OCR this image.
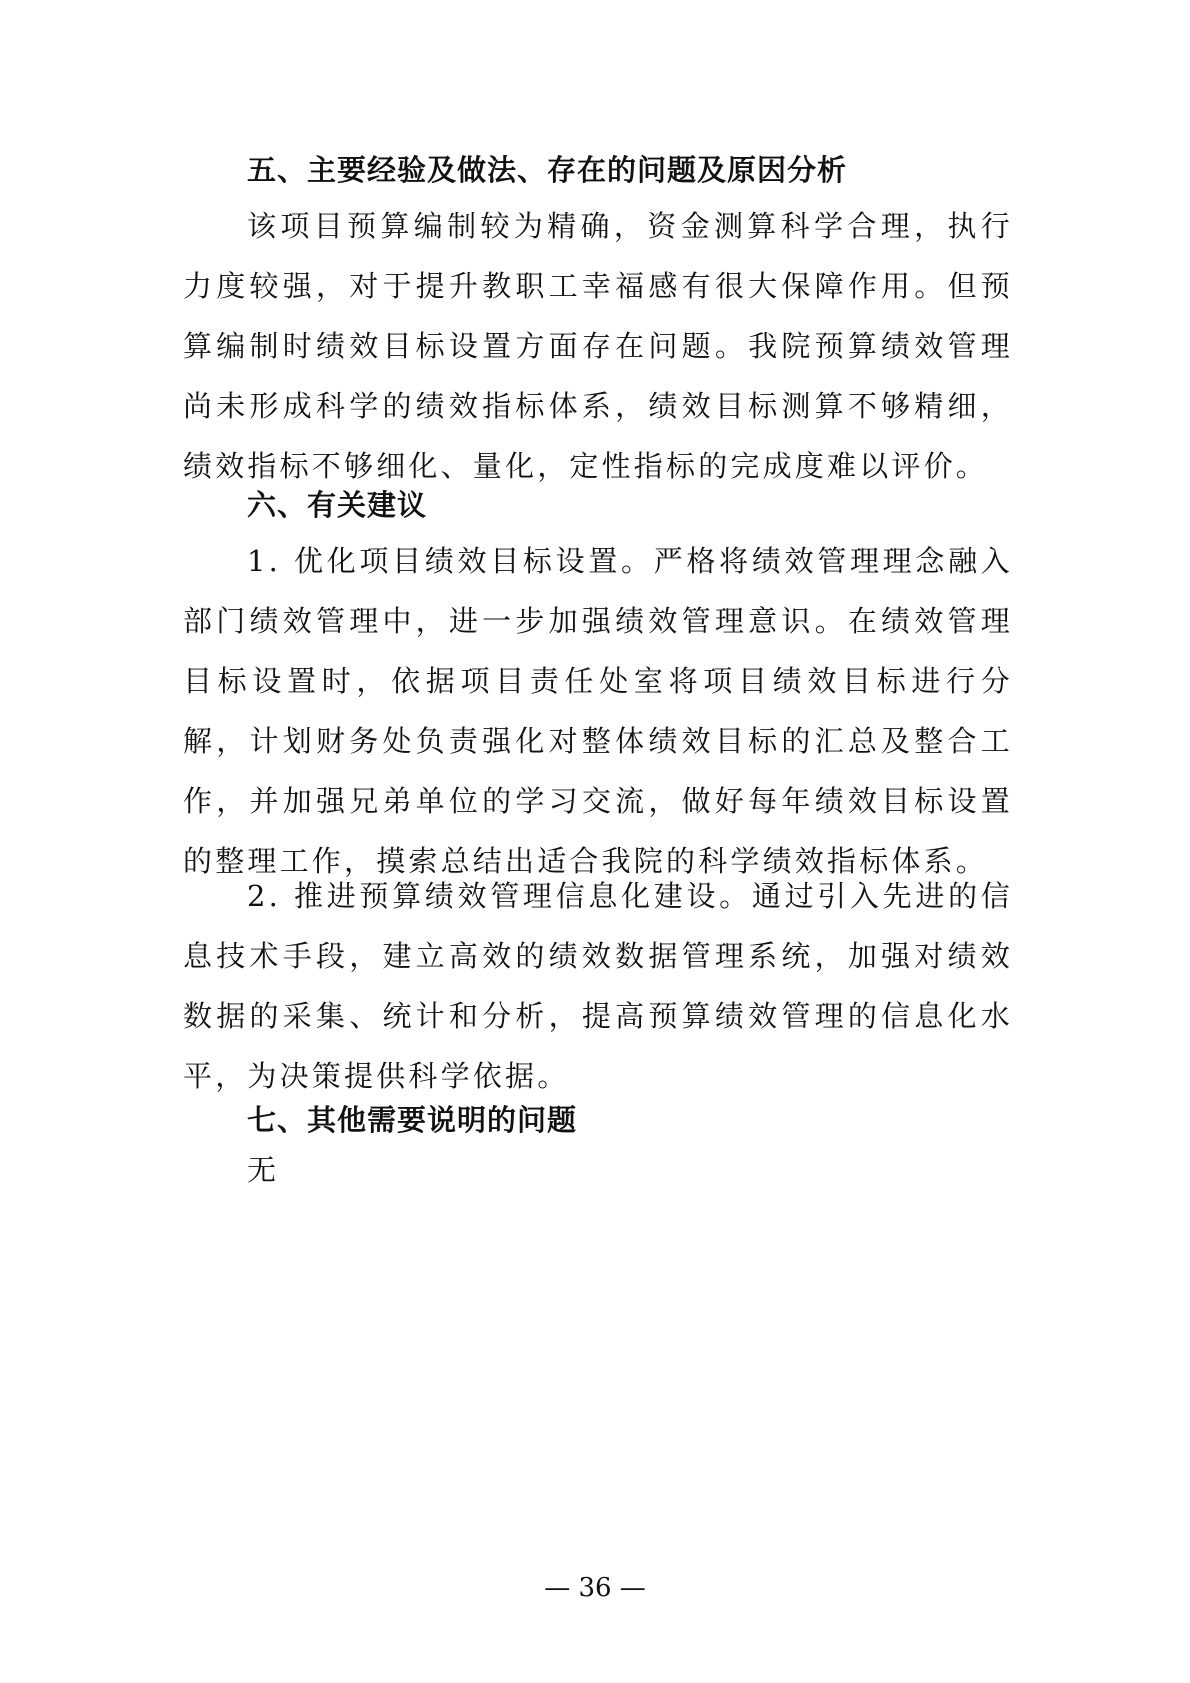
五、主要经验及做法、存在的问题及原因分析
该项目预算编制较为精确，资金测算科学合理，执行力度较强，对于提升教职工幸福感有很大保障作用。但预算编制时绩效目标设置方面存在问题。我院预算绩效管理尚未形成科学的绩效指标体系，绩效目标测算不够精细，绩效指标不够细化、量化，定性指标的完成度难以评价。
六、有关建议
1. 优化项目绩效目标设置。严格将绩效管理理念融入部门绩效管理中，进一步加强绩效管理意识。在绩效管理目标设置时，依据项目责任处室将项目绩效目标进行分解，计划财务处负责强化对整体绩效目标的汇总及整合工作，并加强兄弟单位的学习交流，做好每年绩效目标设置的整理工作，摸索总结出适合我院的科学绩效指标体系。
2. 推进预算绩效管理信息化建设。通过引入先进的信息技术手段，建立高效的绩效数据管理系统，加强对绩效数据的采集、统计和分析，提高预算绩效管理的信息化水平，为决策提供科学依据。
七、其他需要说明的问题
无
— 36 —
